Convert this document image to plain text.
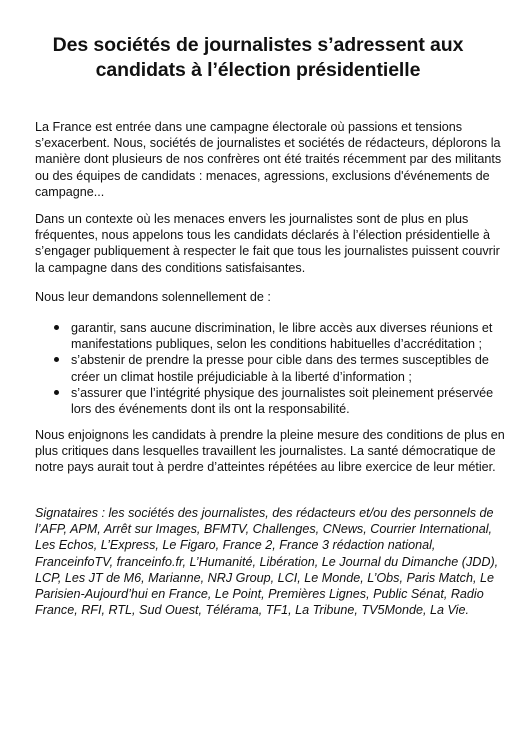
Des sociétés de journalistes s’adressent aux
candidats à l’élection présidentielle

La France est entrée dans une campagne électorale où passions et tensions
s’exacerbent. Nous, sociétés de journalistes et sociétés de rédacteurs, déplorons la
manière dont plusieurs de nos confrères ont été traités récemment par des militants
ou des équipes de candidats : menaces, agressions, exclusions d'événements de
campagne...

Dans un contexte où les menaces envers les journalistes sont de plus en plus
fréquentes, nous appelons tous les candidats déclarés à l’élection présidentielle à
s’engager publiquement à respecter le fait que tous les journalistes puissent couvrir
la campagne dans des conditions satisfaisantes.

Nous leur demandons solennellement de :

garantir, sans aucune discrimination, le libre accès aux diverses réunions et
manifestations publiques, selon les conditions habituelles d’accréditation ;
s’abstenir de prendre la presse pour cible dans des termes susceptibles de
créer un climat hostile préjudiciable à la liberté d’information ;
s’assurer que l’intégrité physique des journalistes soit pleinement préservée
lors des événements dont ils ont la responsabilité.

Nous enjoignons les candidats à prendre la pleine mesure des conditions de plus en
plus critiques dans lesquelles travaillent les journalistes. La santé démocratique de
notre pays aurait tout à perdre d’atteintes répétées au libre exercice de leur métier.

Signataires : les sociétés des journalistes, des rédacteurs et/ou des personnels de
l’AFP, APM, Arrêt sur Images, BFMTV, Challenges, CNews, Courrier International,
Les Echos, L’Express, Le Figaro, France 2, France 3 rédaction national,
FranceinfoTV, franceinfo.fr, L’Humanité, Libération, Le Journal du Dimanche (JDD),
LCP, Les JT de M6, Marianne, NRJ Group, LCI, Le Monde, L’Obs, Paris Match, Le
Parisien-Aujourd’hui en France, Le Point, Premières Lignes, Public Sénat, Radio
France, RFI, RTL, Sud Ouest, Télérama, TF1, La Tribune, TV5Monde, La Vie.
